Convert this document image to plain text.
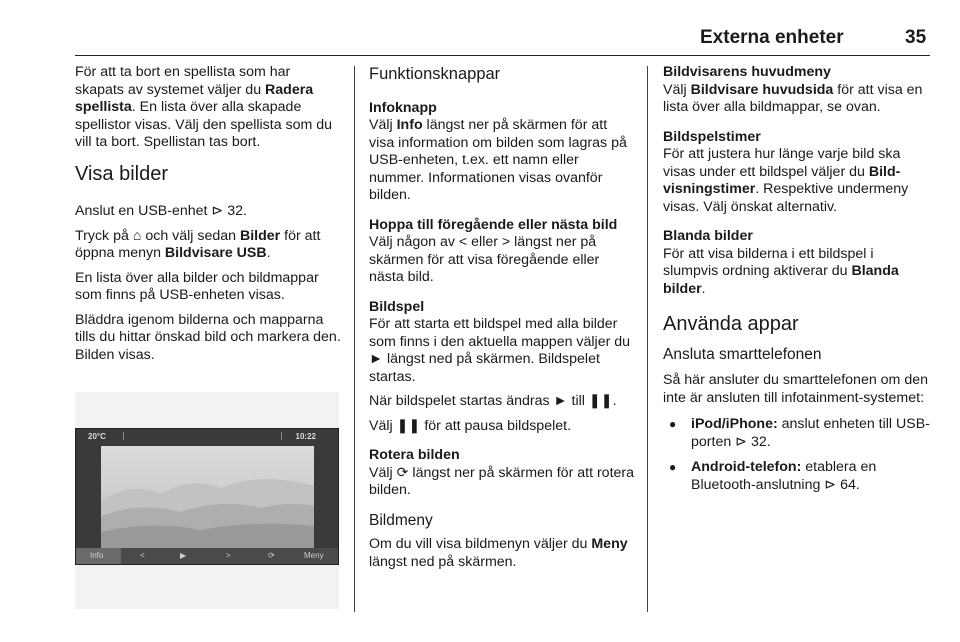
Externa enheter	35

För att ta bort en spellista som har skapats av systemet väljer du Radera spellista. En lista över alla skapade spellistor visas. Välj den spellista som du vill ta bort. Spellistan tas bort.

Visa bilder

Anslut en USB-enhet ⊳ 32.

Tryck på ⌂ och välj sedan Bilder för att öppna menyn Bildvisare USB.

En lista över alla bilder och bildmappar som finns på USB-enheten visas.

Bläddra igenom bilderna och mapparna tills du hittar önskad bild och markera den. Bilden visas.

20°C	10:22
Info	<	▶	>	⟳	Meny
Funktionsknappar

Infoknapp
Välj Info längst ner på skärmen för att visa information om bilden som lagras på USB-enheten, t.ex. ett namn eller nummer. Informationen visas ovanför bilden.

Hoppa till föregående eller nästa bild
Välj någon av < eller > längst ner på skärmen för att visa föregående eller nästa bild.

Bildspel
För att starta ett bildspel med alla bilder som finns i den aktuella mappen väljer du ► längst ned på skärmen. Bildspelet startas.

När bildspelet startas ändras ► till ❚❚.

Välj ❚❚ för att pausa bildspelet.

Rotera bilden
Välj ⟳ längst ner på skärmen för att rotera bilden.

Bildmeny

Om du vill visa bildmenyn väljer du Meny längst ned på skärmen.

Bildvisarens huvudmeny
Välj Bildvisare huvudsida för att visa en lista över alla bildmappar, se ovan.

Bildspelstimer
För att justera hur länge varje bild ska visas under ett bildspel väljer du Bildvisningstimer. Respektive undermeny visas. Välj önskat alternativ.

Blanda bilder
För att visa bilderna i ett bildspel i slumpvis ordning aktiverar du Blanda bilder.

Använda appar
Ansluta smarttelefonen

Så här ansluter du smarttelefonen om den inte är ansluten till infotainment-systemet:

● iPod/iPhone: anslut enheten till USB-porten ⊳ 32.

● Android-telefon: etablera en Bluetooth-anslutning ⊳ 64.
